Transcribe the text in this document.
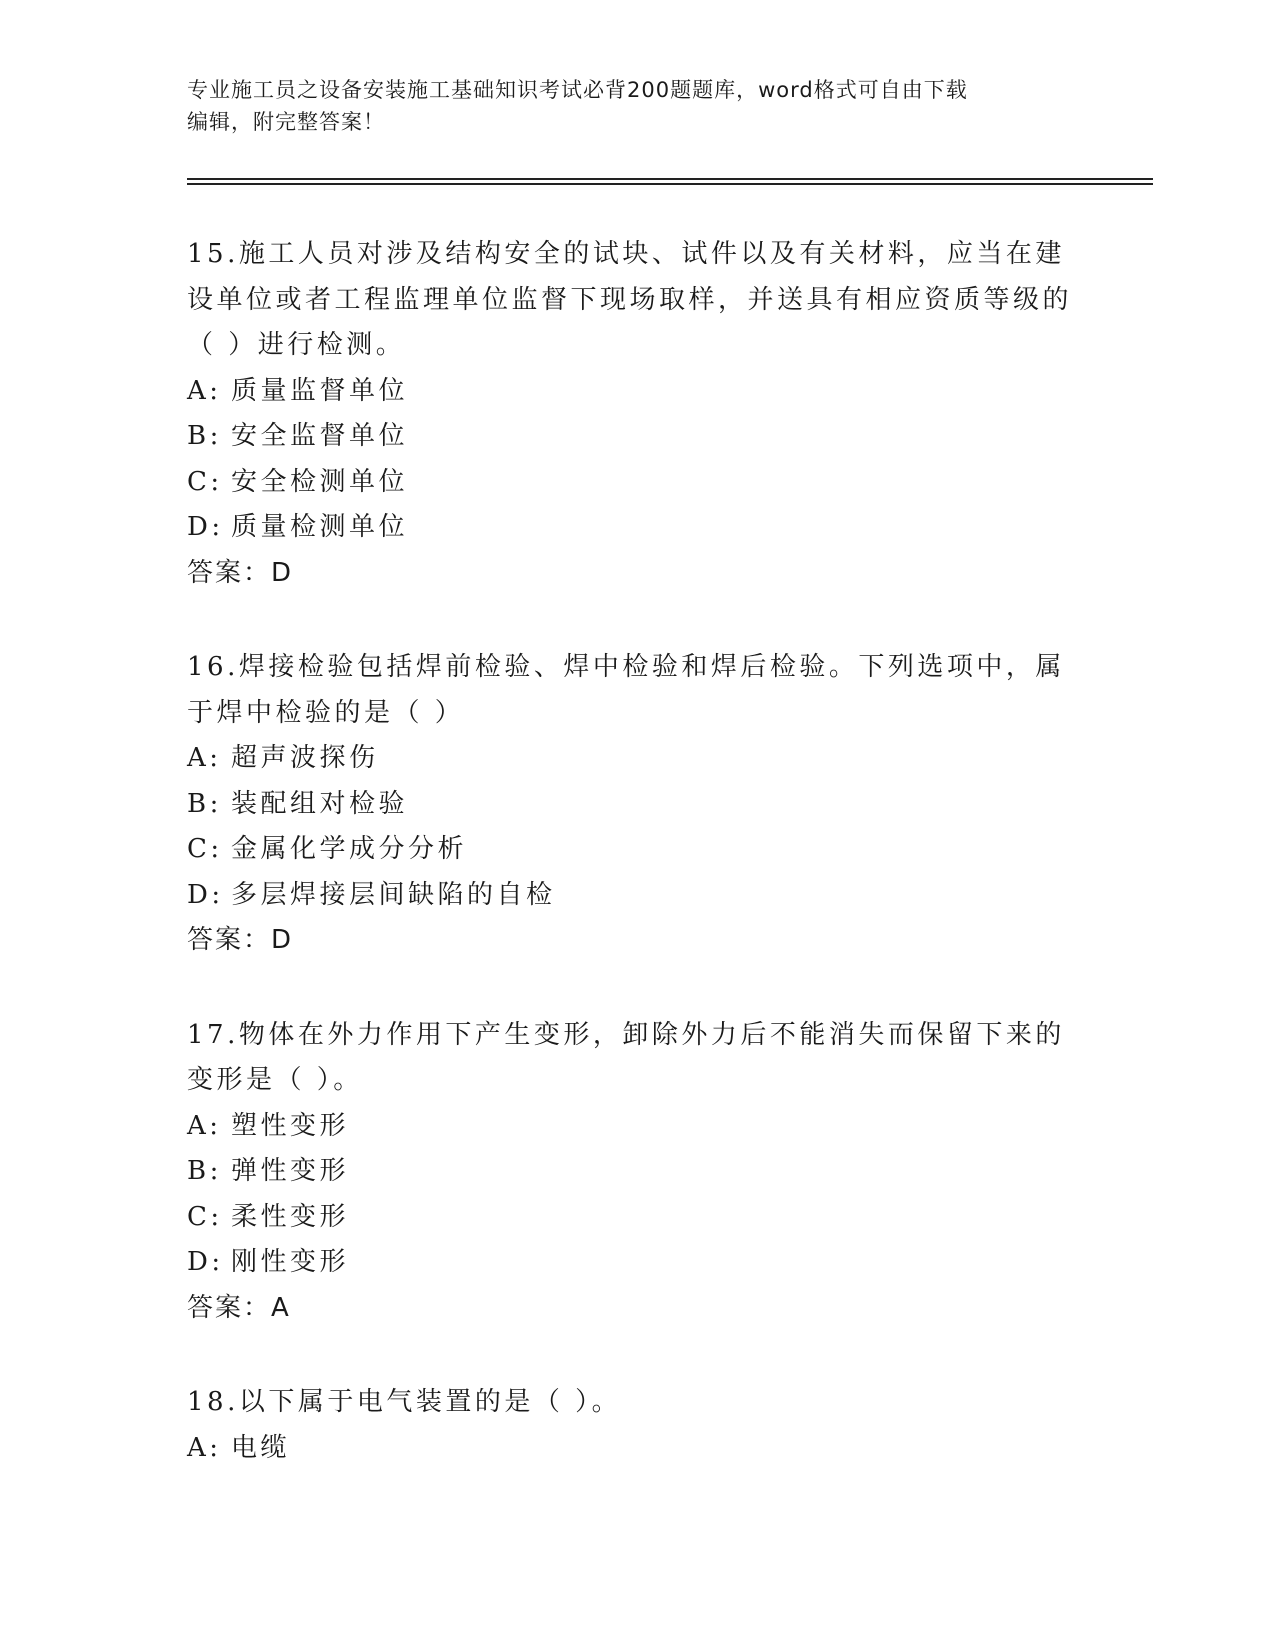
专业施工员之设备安装施工基础知识考试必背200题题库，word格式可自由下载
编辑，附完整答案！
15.施工人员对涉及结构安全的试块、试件以及有关材料，应当在建设单位或者工程监理单位监督下现场取样，并送具有相应资质等级的（ ）进行检测。
A: 质量监督单位
B: 安全监督单位
C: 安全检测单位
D: 质量检测单位
答案：D
16.焊接检验包括焊前检验、焊中检验和焊后检验。下列选项中，属于焊中检验的是（ ）
A: 超声波探伤
B: 装配组对检验
C: 金属化学成分分析
D: 多层焊接层间缺陷的自检
答案：D
17.物体在外力作用下产生变形，卸除外力后不能消失而保留下来的变形是（ ）。
A: 塑性变形
B: 弹性变形
C: 柔性变形
D: 刚性变形
答案：A
18.以下属于电气装置的是（ ）。
A: 电缆
